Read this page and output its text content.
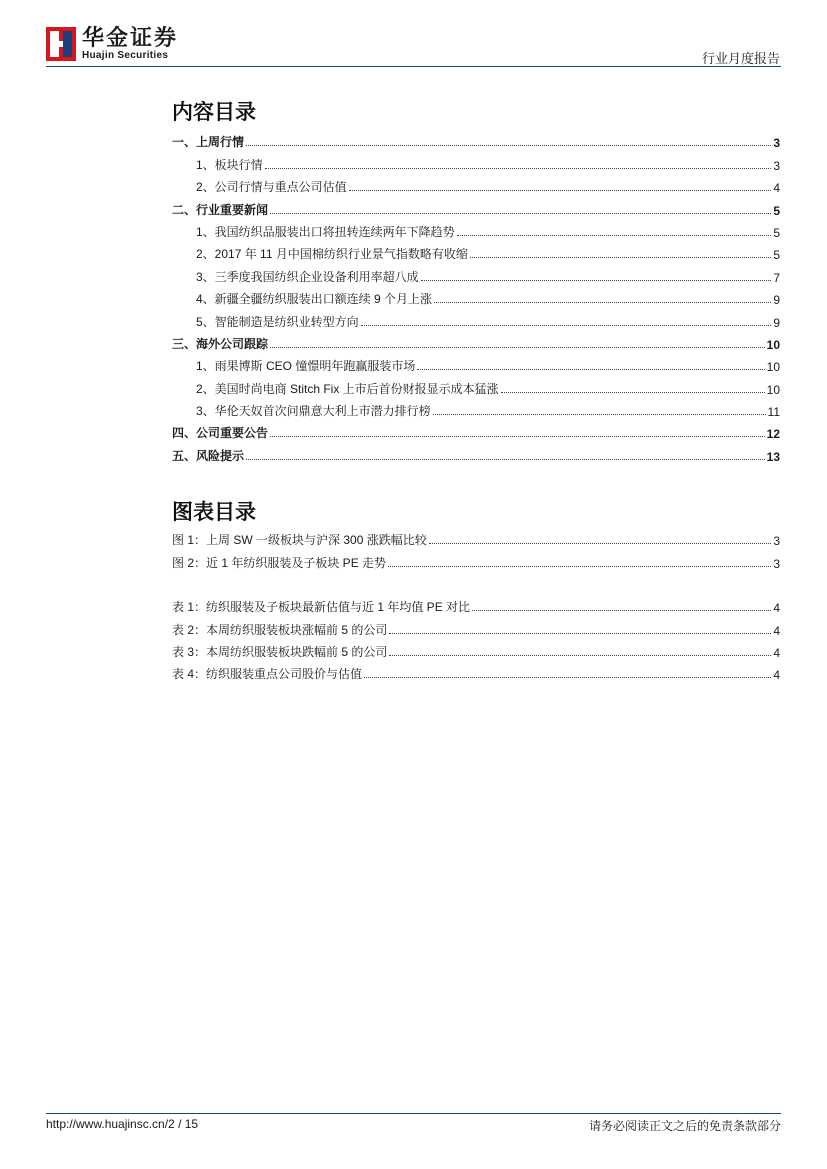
华金证券
Huajin Securities	行业月度报告
内容目录
一、上周行情	3
1、板块行情	3
2、公司行情与重点公司估值	4
二、行业重要新闻	5
1、我国纺织品服装出口将扭转连续两年下降趋势	5
2、2017 年 11 月中国棉纺织行业景气指数略有收缩	5
3、三季度我国纺织企业设备利用率超八成	7
4、新疆全疆纺织服装出口额连续 9 个月上涨	9
5、智能制造是纺织业转型方向	9
三、海外公司跟踪	10
1、雨果博斯 CEO 憧憬明年跑赢服装市场	10
2、美国时尚电商 Stitch Fix 上市后首份财报显示成本猛涨	10
3、华伦天奴首次问鼎意大利上市潜力排行榜	11
四、公司重要公告	12
五、风险提示	13
图表目录
图 1：上周 SW 一级板块与沪深 300 涨跌幅比较	3
图 2：近 1 年纺织服装及子板块 PE 走势	3
表 1：纺织服装及子板块最新估值与近 1 年均值 PE 对比	4
表 2：本周纺织服装板块涨幅前 5 的公司	4
表 3：本周纺织服装板块跌幅前 5 的公司	4
表 4：纺织服装重点公司股价与估值	4
http://www.huajinsc.cn/2 / 15	请务必阅读正文之后的免责条款部分
